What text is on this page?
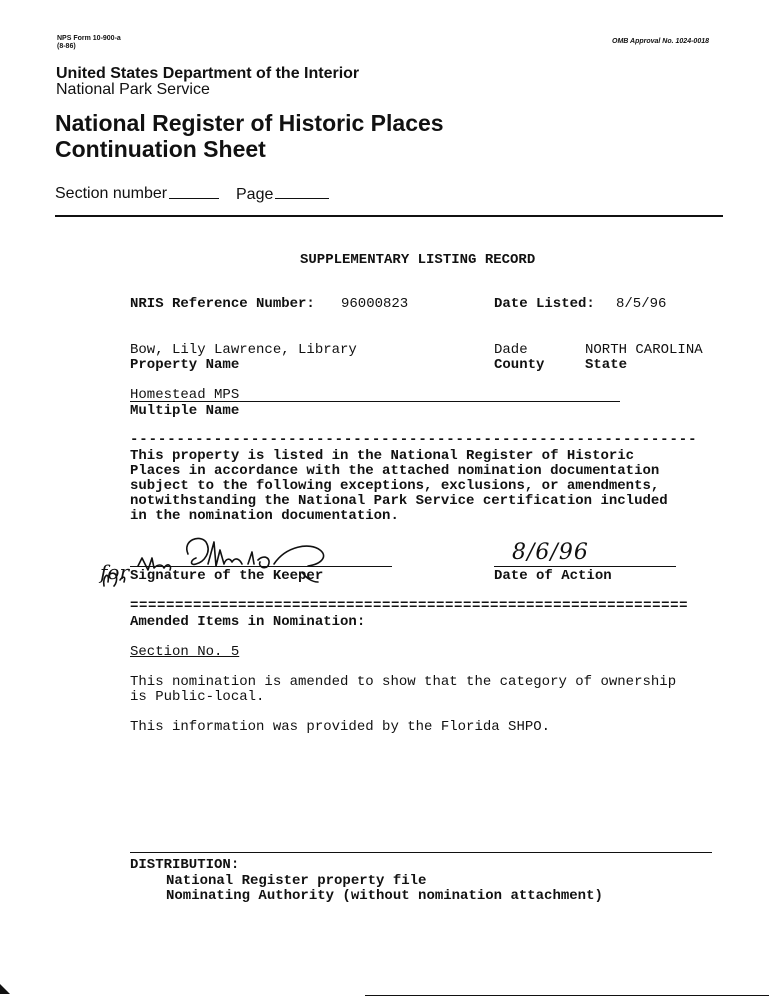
NPS Form 10-900-a
(8-86)
OMB Approval No. 1024-0018
United States Department of the Interior
National Park Service
National Register of Historic Places
Continuation Sheet
Section number	Page
SUPPLEMENTARY LISTING RECORD
NRIS Reference Number: 96000823	Date Listed: 8/5/96
Bow, Lily Lawrence, Library
Property Name
Dade
County
NORTH CAROLINA
State
Homestead MPS
Multiple Name
-------------------------------------------------------------
This property is listed in the National Register of Historic
Places in accordance with the attached nomination documentation
subject to the following exceptions, exclusions, or amendments,
notwithstanding the National Park Service certification included
in the nomination documentation.
for Signature of the Keeper
8/6/96
Date of Action
==============================================================
Amended Items in Nomination:
Section No. 5
This nomination is amended to show that the category of ownership
is Public-local.
This information was provided by the Florida SHPO.
DISTRIBUTION:
National Register property file
Nominating Authority (without nomination attachment)
